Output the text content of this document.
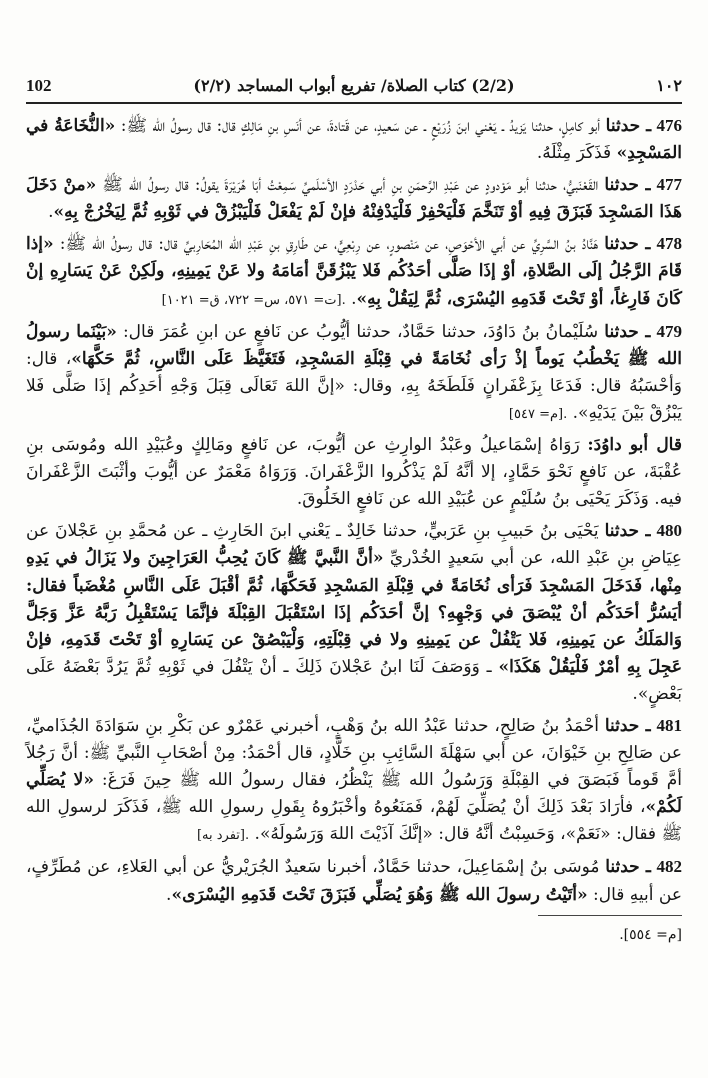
١٠٢
(2/2) كتاب الصلاة/ تفريع أبواب المساجد (٢/٢)
102

476 ـ حدثنا أبو كامِلٍ، حدثنا يَزيدُ ـ يَعْني ابنَ زُرَيْعٍ ـ عن سَعيدٍ، عن قَتادةَ، عن أنَسِ بنِ مَالِكٍ قال: قال رسولُ الله ﷺ: «النُّخَاعَةُ في المَسْجِدِ» فَذَكَرَ مِثْلَهُ.

477 ـ حدثنا القَعْنَبيُّ، حدثنا أبو مَوْدودٍ عن عَبْدِ الرَّحمَنِ بنِ أبي حَدْرَدٍ الأسْلَميِّ سَمِعْتُ أبَا هُرَيْرَةَ يقولُ: قال رسولُ الله ﷺ «منْ دَخَلَ هَذَا المَسْجِدَ فَبَزَقَ فِيهِ أوْ تَنَخَّمَ فَلْيَحْفِرْ فَلْيَدْفِنْهُ فإنْ لَمْ يَفْعَلْ فَلْيَبْزُقْ في ثَوْبِهِ ثُمَّ لِيَخْرُجْ بِهِ».

478 ـ حدثنا هَنَّادُ بنُ السَّرِيِّ عن أبي الأحْوَصِ، عن مَنْصورٍ، عن رِبْعِيٍّ، عن طَارِقِ بنِ عَبْدِ الله المُحَارِبيِّ قال: قال رسولُ الله ﷺ: «إذا قَامَ الرَّجُلُ إلَى الصَّلاةِ، أوْ إذَا صَلَّى أحَدُكُم فَلا يَبْزُقَنَّ أمَامَهُ ولا عَنْ يَمِينِهِ، ولَكِنْ عَنْ يَسَارِهِ إنْ كَانَ فَارِغاً، أوْ تَحْتَ قَدَمِهِ اليُسْرَى، ثُمَّ لِيَقُلْ بِهِ». [ت= ٥٧١، س= ٧٢٢، ق= ١٠٢١].

479 ـ حدثنا سُلَيْمانُ بنُ دَاوُدَ، حدثنا حَمَّادٌ، حدثنا أيُّوبُ عن نَافعٍ عن ابنِ عُمَرَ قال: «بَيْنَما رسولُ الله ﷺ يَخْطُبُ يَوماً إذْ رَأى نُخَامَةً في قِبْلَةِ المَسْجِدِ، فَتَغَيَّظَ عَلَى النَّاسِ، ثُمَّ حَكَّهَا»، قال: وَأحْسَبُهُ قال: فَدَعَا بِزَعْفَرانٍ فَلَطَخَهُ بِهِ، وقال: «إنَّ اللهَ تَعَالَى قِبَلَ وَجْهِ أحَدِكُم إذَا صَلَّى فَلا يَبْزُقْ بَيْنَ يَدَيْهِ». [م= ٥٤٧].

قال أبو داوُدَ: رَوَاهُ إسْمَاعيلُ وعَبْدُ الوارِثِ عن أيُّوبَ، عن نَافعٍ ومَالِكٍ وعُبَيْدِ الله ومُوسَى بنِ عُقْبَةَ، عن نَافعٍ نَحْوَ حَمَّادٍ، إلا أنَّهُ لَمْ يَذْكُروا الزَّعْفَرانَ. وَرَوَاهُ مَعْمَرٌ عن أيُّوبَ وأثْبَتَ الزَّعْفَرانَ فيه. وَذَكَرَ يَحْيَى بنُ سُلَيْمٍ عن عُبَيْدِ الله عن نَافعٍ الخَلُوقَ.

480 ـ حدثنا يَحْيَى بنُ حَبيبِ بنِ عَرَبيٍّ، حدثنا خَالِدٌ ـ يَعْني ابنَ الحَارِثِ ـ عن مُحمَّدِ بنِ عَجْلانَ عن عِيَاضِ بنِ عَبْدِ الله، عن أبي سَعيدٍ الخُدْريِّ «أنَّ النَّبيَّ ﷺ كَانَ يُحِبُّ العَرَاجِينَ ولا يَزَالُ في يَدِهِ مِنْها، فَدَخَلَ المَسْجِدَ فَرَأى نُخَامَةً في قِبْلَةِ المَسْجِدِ فَحَكَّهَا، ثُمَّ أقْبَلَ عَلَى النَّاسِ مُغْضَباً فقال: أيَسُرُّ أحَدَكُم أنْ يُبْصَقَ في وَجْهِهِ؟ إنَّ أحَدَكُم إذَا اسْتَقْبَلَ القِبْلَةَ فإنَّمَا يَسْتَقْبِلُ رَبَّهُ عَزَّ وَجَلَّ وَالمَلَكُ عن يَمِينِهِ، فَلا يَتْفُلْ عن يَمِينِهِ ولا في قِبْلَتِهِ، وَلْيَبْصُقْ عن يَسَارِهِ أوْ تَحْتَ قَدَمِهِ، فإنْ عَجِلَ بِهِ أمْرٌ فَلْيَقُلْ هَكَذَا» ـ وَوَصَفَ لَنَا ابنُ عَجْلانَ ذَلِكَ ـ أنْ يَتْفُلَ في ثَوْبِهِ ثُمَّ يَرُدَّ بَعْضَهُ عَلَى بَعْضٍ».

481 ـ حدثنا أحْمَدُ بنُ صَالِحٍ، حدثنا عَبْدُ الله بنُ وَهْبٍ، أخبرني عَمْرٌو عن بَكْرِ بنِ سَوَادَةَ الجُذَاميِّ، عن صَالِحِ بنِ خَيْوَانَ، عن أبي سَهْلَةَ السَّائِبِ بنِ خَلَّادٍ، قال أحْمَدُ: مِنْ أصْحَابِ النَّبيِّ ﷺ: أنَّ رَجُلاً أمَّ قَوماً فَبَصَقَ في القِبْلَةِ وَرَسُولُ الله ﷺ يَنْظُرُ، فقال رسولُ الله ﷺ حِينَ فَرَغَ: «لا يُصَلِّي لَكُمْ»، فأرَادَ بَعْدَ ذَلِكَ أنْ يُصَلِّيَ لَهُمْ، فَمَنَعُوهُ وأخْبَرُوهُ بِقَولِ رسولِ الله ﷺ، فَذَكَرَ لرسولِ الله ﷺ فقال: «نَعَمْ»، وَحَسِبْتُ أنَّهُ قال: «إنَّكَ آذَيْتَ اللهَ وَرَسُولَهُ». [تفرد به].

482 ـ حدثنا مُوسَى بنُ إسْمَاعِيلَ، حدثنا حَمَّادٌ، أخبرنا سَعيدٌ الجُرَيْريُّ عن أبي العَلاءِ، عن مُطَرِّفٍ، عن أبيهِ قال: «أتَيْتُ رسولَ الله ﷺ وَهُوَ يُصَلِّي فَبَزَقَ تَحْتَ قَدَمِهِ اليُسْرَى».

[م= ٥٥٤].
